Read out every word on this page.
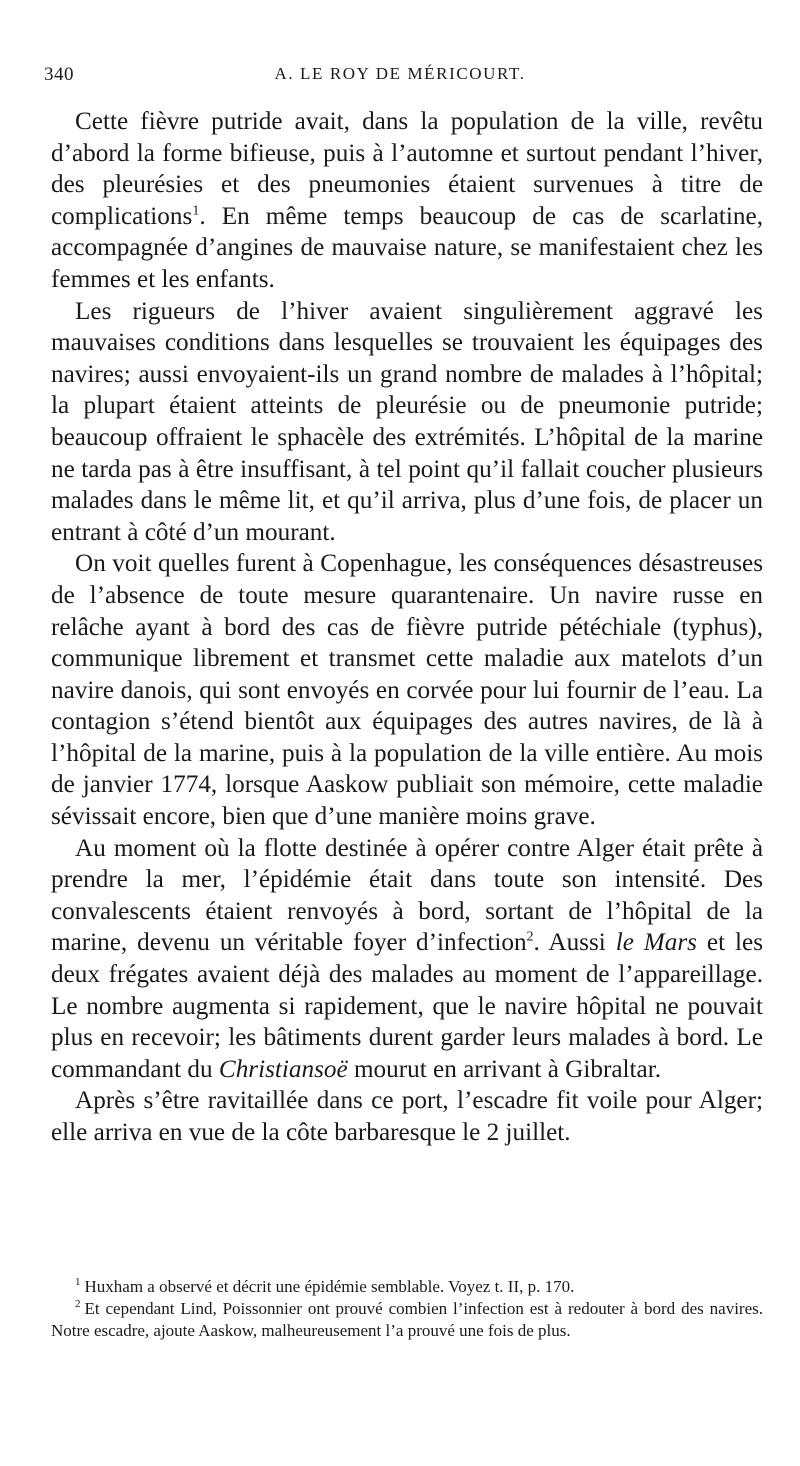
340	A. LE ROY DE MÉRICOURT.

Cette fièvre putride avait, dans la population de la ville, revêtu d’abord la forme bifieuse, puis à l’automne et surtout pendant l’hiver, des pleurésies et des pneumonies étaient survenues à titre de complications$^1$. En même temps beaucoup de cas de scarlatine, accompagnée d’angines de mauvaise nature, se manifestaient chez les femmes et les enfants.

Les rigueurs de l’hiver avaient singulièrement aggravé les mauvaises conditions dans lesquelles se trouvaient les équipages des navires; aussi envoyaient-ils un grand nombre de malades à l’hôpital; la plupart étaient atteints de pleurésie ou de pneumonie putride; beaucoup offraient le sphacèle des extrémités. L’hôpital de la marine ne tarda pas à être insuffisant, à tel point qu’il fallait coucher plusieurs malades dans le même lit, et qu’il arriva, plus d’une fois, de placer un entrant à côté d’un mourant.

On voit quelles furent à Copenhague, les conséquences désastreuses de l’absence de toute mesure quarantenaire. Un navire russe en relâche ayant à bord des cas de fièvre putride pétéchiale (typhus), communique librement et transmet cette maladie aux matelots d’un navire danois, qui sont envoyés en corvée pour lui fournir de l’eau. La contagion s’étend bientôt aux équipages des autres navires, de là à l’hôpital de la marine, puis à la population de la ville entière. Au mois de janvier 1774, lorsque Aaskow publiait son mémoire, cette maladie sévissait encore, bien que d’une manière moins grave.

Au moment où la flotte destinée à opérer contre Alger était prête à prendre la mer, l’épidémie était dans toute son intensité. Des convalescents étaient renvoyés à bord, sortant de l’hôpital de la marine, devenu un véritable foyer d’infection$^2$. Aussi le Mars et les deux frégates avaient déjà des malades au moment de l’appareillage. Le nombre augmenta si rapidement, que le navire hôpital ne pouvait plus en recevoir; les bâtiments durent garder leurs malades à bord. Le commandant du Christiansoë mourut en arrivant à Gibraltar.

Après s’être ravitaillée dans ce port, l’escadre fit voile pour Alger; elle arriva en vue de la côte barbaresque le 2 juillet.

$^1$ Huxham a observé et décrit une épidémie semblable. Voyez t. II, p. 170.

$^2$ Et cependant Lind, Poissonnier ont prouvé combien l’infection est à redouter à bord des navires. Notre escadre, ajoute Aaskow, malheureusement l’a prouvé une fois de plus.
